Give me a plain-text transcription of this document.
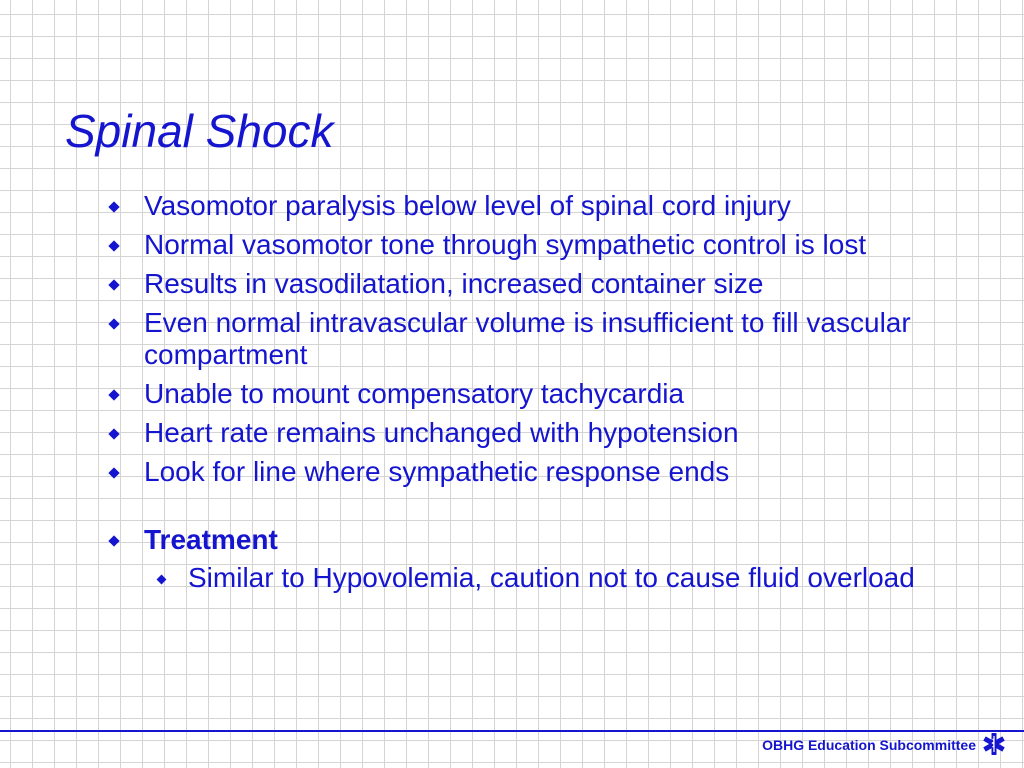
Spinal Shock
Vasomotor paralysis below level of spinal cord injury
Normal vasomotor tone through sympathetic control is lost
Results in vasodilatation, increased container size
Even normal intravascular volume is insufficient to fill vascular compartment
Unable to mount compensatory tachycardia
Heart rate remains unchanged with hypotension
Look for line where sympathetic response ends
Treatment
Similar to Hypovolemia, caution not to cause fluid overload
OBHG Education Subcommittee
